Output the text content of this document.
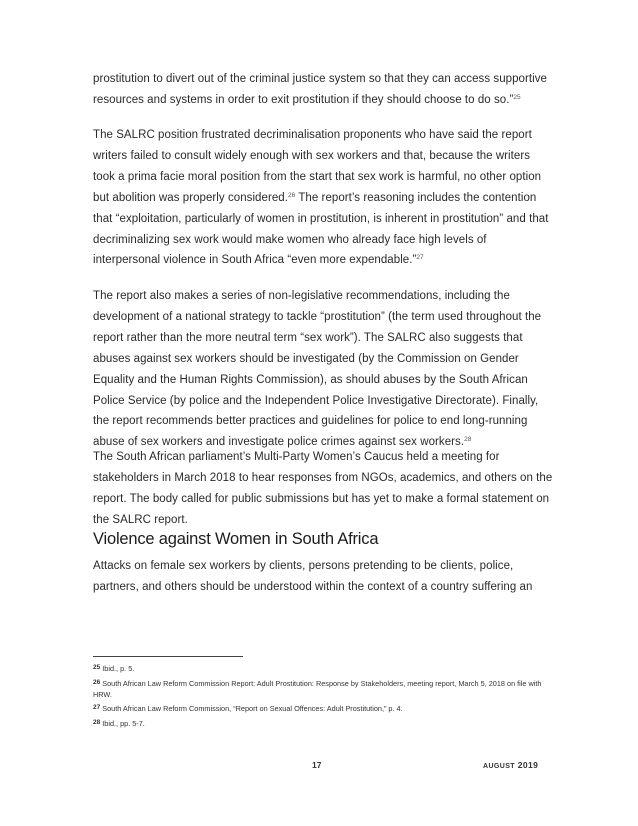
prostitution to divert out of the criminal justice system so that they can access supportive resources and systems in order to exit prostitution if they should choose to do so.”$^{25}$

The SALRC position frustrated decriminalisation proponents who have said the report writers failed to consult widely enough with sex workers and that, because the writers took a prima facie moral position from the start that sex work is harmful, no other option but abolition was properly considered.$^{26}$ The report’s reasoning includes the contention that “exploitation, particularly of women in prostitution, is inherent in prostitution” and that decriminalizing sex work would make women who already face high levels of interpersonal violence in South Africa “even more expendable.”$^{27}$

The report also makes a series of non-legislative recommendations, including the development of a national strategy to tackle “prostitution” (the term used throughout the report rather than the more neutral term “sex work”). The SALRC also suggests that abuses against sex workers should be investigated (by the Commission on Gender Equality and the Human Rights Commission), as should abuses by the South African Police Service (by police and the Independent Police Investigative Directorate). Finally, the report recommends better practices and guidelines for police to end long-running abuse of sex workers and investigate police crimes against sex workers.$^{28}$

The South African parliament’s Multi-Party Women’s Caucus held a meeting for stakeholders in March 2018 to hear responses from NGOs, academics, and others on the report. The body called for public submissions but has yet to make a formal statement on the SALRC report.

Violence against Women in South Africa

Attacks on female sex workers by clients, persons pretending to be clients, police, partners, and others should be understood within the context of a country suffering an

25 Ibid., p. 5.

26 South African Law Reform Commission Report: Adult Prostitution: Response by Stakeholders, meeting report, March 5, 2018 on file with HRW.

27 South African Law Reform Commission, “Report on Sexual Offences: Adult Prostitution,” p. 4.

28 Ibid., pp. 5-7.

17	AUGUST 2019
